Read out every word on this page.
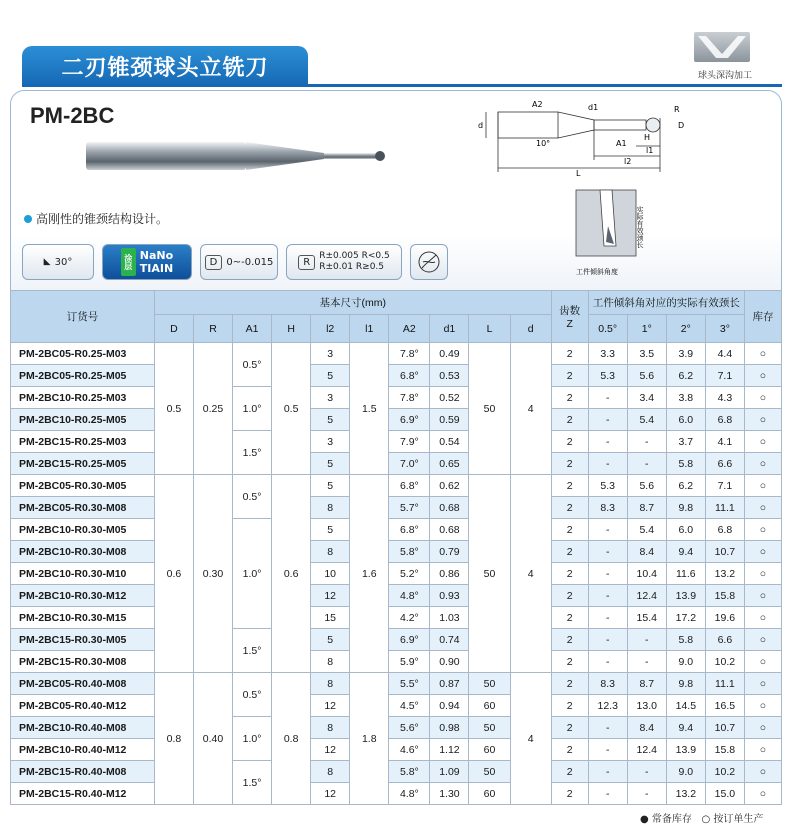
二刃锥颈球头立铣刀	球头深沟加工
PM-2BC	A2	d1	R
d	D
H
A1
l1
l2
L
10°
实际有效颈长
工件倾斜角度
高刚性的锥颈结构设计。
◣ 30°	涂层 NaNo
TIAIN	D 0~-0.015	R
R±0.005 R<0.5
R±0.01 R≥0.5
订货号	基本尺寸(mm)										齿数
Z	工件倾斜角对应的实际有效颈长				库存
	D	R	A1	H	l2	l1	A2	d1	L	d		0.5°	1°	2°	3°	
PM-2BC05-R0.25-M03	0.5	0.25	0.5°	0.5	3	1.5	7.8°	0.49	50	4	2	3.3	3.5	3.9	4.4	○
PM-2BC05-R0.25-M05					5		6.8°	0.53			2	5.3	5.6	6.2	7.1	○
PM-2BC10-R0.25-M03			1.0°		3		7.8°	0.52			2	-	3.4	3.8	4.3	○
PM-2BC10-R0.25-M05					5		6.9°	0.59			2	-	5.4	6.0	6.8	○
PM-2BC15-R0.25-M03			1.5°		3		7.9°	0.54			2	-	-	3.7	4.1	○
PM-2BC15-R0.25-M05					5		7.0°	0.65			2	-	-	5.8	6.6	○
PM-2BC05-R0.30-M05	0.6	0.30	0.5°	0.6	5	1.6	6.8°	0.62	50	4	2	5.3	5.6	6.2	7.1	○
PM-2BC05-R0.30-M08					8		5.7°	0.68			2	8.3	8.7	9.8	11.1	○
PM-2BC10-R0.30-M05			1.0°		5		6.8°	0.68			2	-	5.4	6.0	6.8	○
PM-2BC10-R0.30-M08					8		5.8°	0.79			2	-	8.4	9.4	10.7	○
PM-2BC10-R0.30-M10					10		5.2°	0.86			2	-	10.4	11.6	13.2	○
PM-2BC10-R0.30-M12					12		4.8°	0.93			2	-	12.4	13.9	15.8	○
PM-2BC10-R0.30-M15					15		4.2°	1.03			2	-	15.4	17.2	19.6	○
PM-2BC15-R0.30-M05			1.5°		5		6.9°	0.74			2	-	-	5.8	6.6	○
PM-2BC15-R0.30-M08					8		5.9°	0.90			2	-	-	9.0	10.2	○
PM-2BC05-R0.40-M08	0.8	0.40	0.5°	0.8	8	1.8	5.5°	0.87	50	4	2	8.3	8.7	9.8	11.1	○
PM-2BC05-R0.40-M12					12		4.5°	0.94	60		2	12.3	13.0	14.5	16.5	○
PM-2BC10-R0.40-M08			1.0°		8		5.6°	0.98	50		2	-	8.4	9.4	10.7	○
PM-2BC10-R0.40-M12					12		4.6°	1.12	60		2	-	12.4	13.9	15.8	○
PM-2BC15-R0.40-M08			1.5°		8		5.8°	1.09	50		2	-	-	9.0	10.2	○
PM-2BC15-R0.40-M12					12		4.8°	1.30	60		2	-	-	13.2	15.0	○
● 常备库存 ○ 按订单生产
